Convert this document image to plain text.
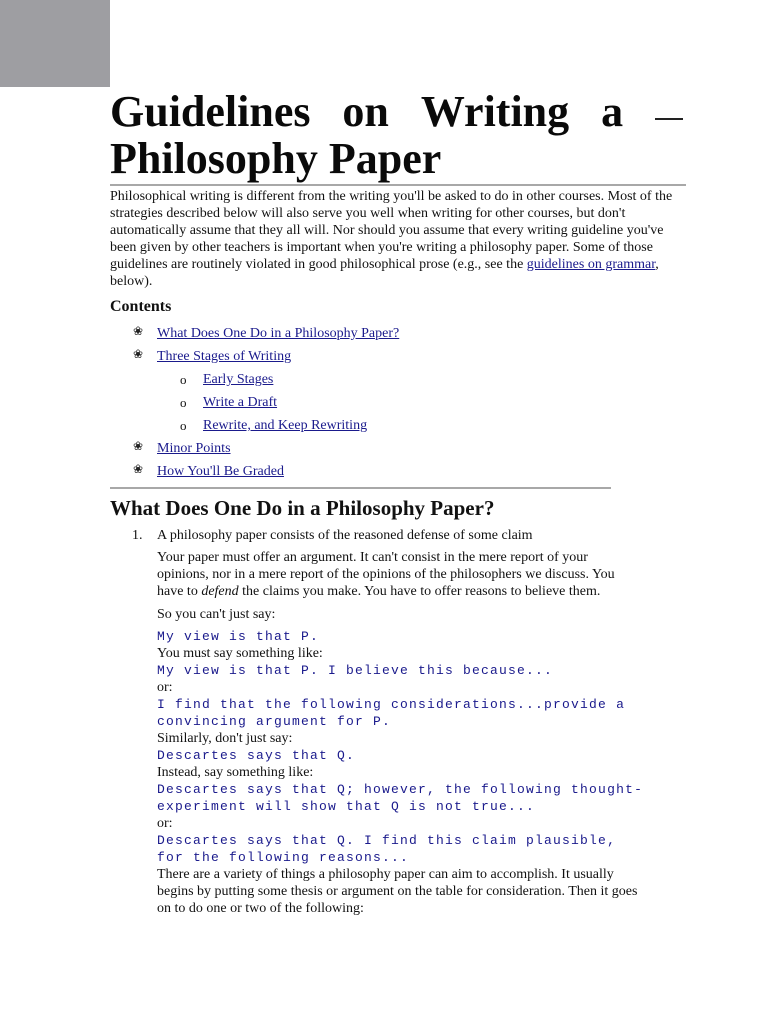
Guidelines on Writing a
Philosophy Paper

Philosophical writing is different from the writing you'll be asked to do in other courses. Most of the strategies described below will also serve you well when writing for other courses, but don't automatically assume that they all will. Nor should you assume that every writing guideline you've been given by other teachers is important when you're writing a philosophy paper. Some of those guidelines are routinely violated in good philosophical prose (e.g., see the guidelines on grammar, below).

Contents
❀ What Does One Do in a Philosophy Paper?
❀ Three Stages of Writing
o Early Stages
o Write a Draft
o Rewrite, and Keep Rewriting
❀ Minor Points
❀ How You'll Be Graded
What Does One Do in a Philosophy Paper?
1. A philosophy paper consists of the reasoned defense of some claim

Your paper must offer an argument. It can't consist in the mere report of your opinions, nor in a mere report of the opinions of the philosophers we discuss. You have to defend the claims you make. You have to offer reasons to believe them.

So you can't just say:

My view is that P.

You must say something like:

My view is that P. I believe this because...

or:

I find that the following considerations...provide a
convincing argument for P.

Similarly, don't just say:

Descartes says that Q.

Instead, say something like:

Descartes says that Q; however, the following thought-
experiment will show that Q is not true...

or:

Descartes says that Q. I find this claim plausible,
for the following reasons...

There are a variety of things a philosophy paper can aim to accomplish. It usually begins by putting some thesis or argument on the table for consideration. Then it goes on to do one or two of the following:
